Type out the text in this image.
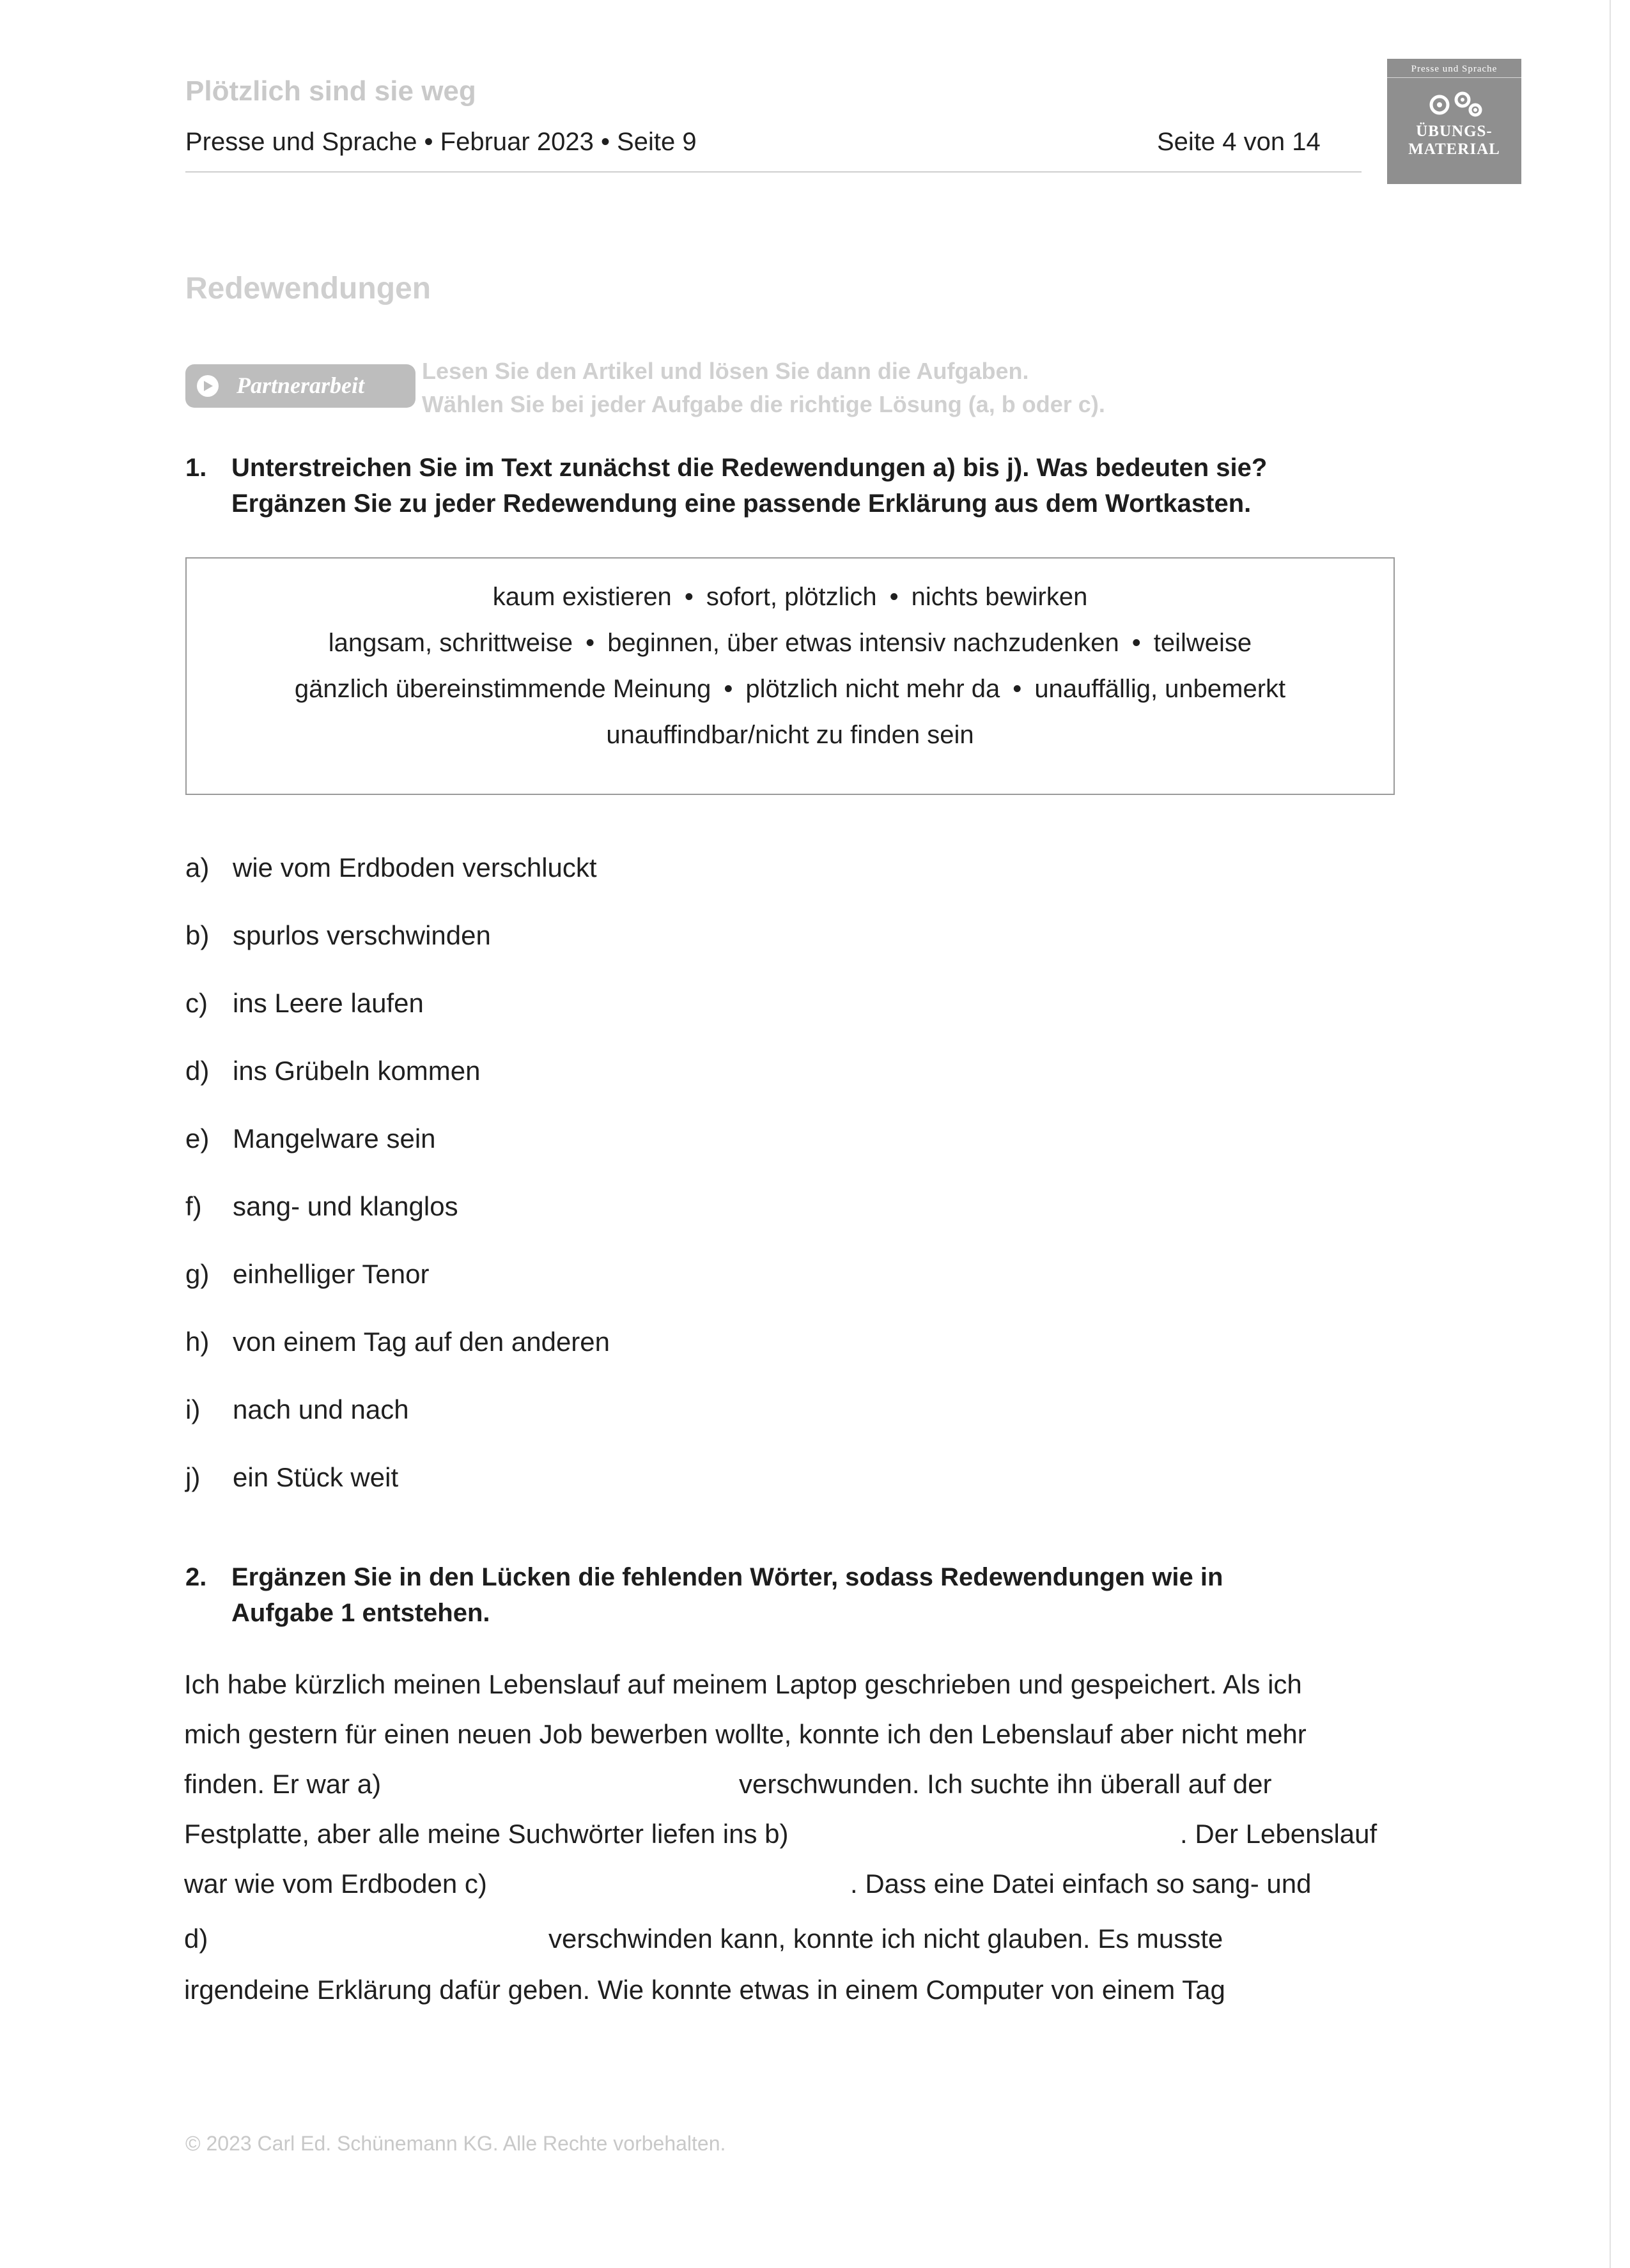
Plötzlich sind sie weg
Presse und Sprache • Februar 2023 • Seite 9	Seite 4 von 14
Presse und Sprache
ÜBUNGS-
MATERIAL
Redewendungen
Partnerarbeit
Lesen Sie den Artikel und lösen Sie dann die Aufgaben.
Wählen Sie bei jeder Aufgabe die richtige Lösung (a, b oder c).
1. Unterstreichen Sie im Text zunächst die Redewendungen a) bis j). Was bedeuten sie?
Ergänzen Sie zu jeder Redewendung eine passende Erklärung aus dem Wortkasten.
kaum existieren • sofort, plötzlich • nichts bewirken
langsam, schrittweise • beginnen, über etwas intensiv nachzudenken • teilweise
gänzlich übereinstimmende Meinung • plötzlich nicht mehr da • unauffällig, unbemerkt
unauffindbar/nicht zu finden sein
a) wie vom Erdboden verschluckt
b) spurlos verschwinden
c) ins Leere laufen
d) ins Grübeln kommen
e) Mangelware sein
f) sang- und klanglos
g) einhelliger Tenor
h) von einem Tag auf den anderen
i) nach und nach
j) ein Stück weit
2. Ergänzen Sie in den Lücken die fehlenden Wörter, sodass Redewendungen wie in
Aufgabe 1 entstehen.
Ich habe kürzlich meinen Lebenslauf auf meinem Laptop geschrieben und gespeichert. Als ich
mich gestern für einen neuen Job bewerben wollte, konnte ich den Lebenslauf aber nicht mehr
finden. Er war a)	verschwunden. Ich suchte ihn überall auf der
Festplatte, aber alle meine Suchwörter liefen ins b)	. Der Lebenslauf
war wie vom Erdboden c)	. Dass eine Datei einfach so sang- und
d)	verschwinden kann, konnte ich nicht glauben. Es musste
irgendeine Erklärung dafür geben. Wie konnte etwas in einem Computer von einem Tag
© 2023 Carl Ed. Schünemann KG. Alle Rechte vorbehalten.
